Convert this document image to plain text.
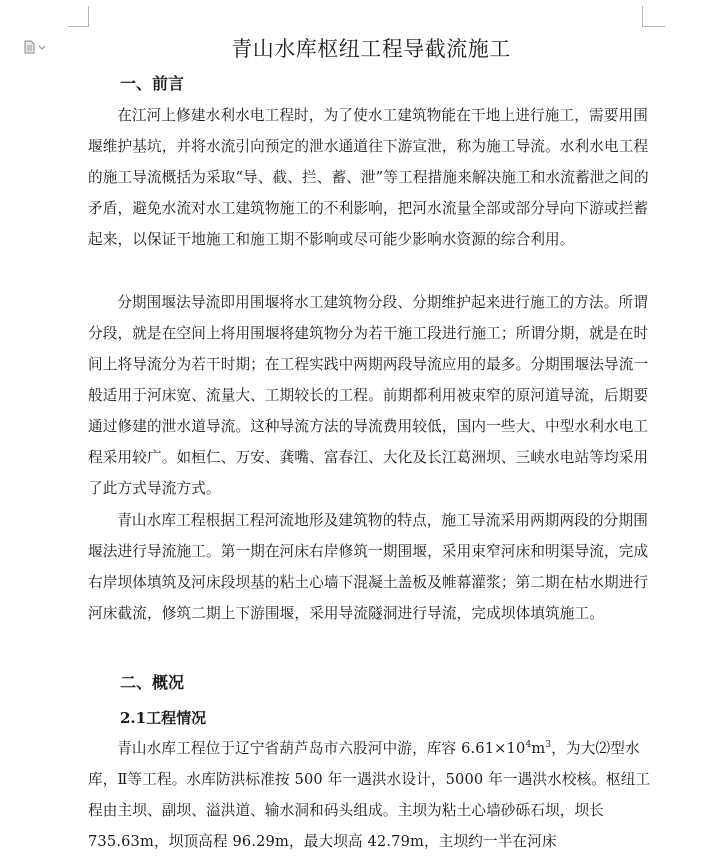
青山水库枢纽工程导截流施工
一、前言

在江河上修建水利水电工程时，为了使水工建筑物能在干地上进行施工，需要用围堰维护基坑，并将水流引向预定的泄水通道往下游宣泄，称为施工导流。水利水电工程的施工导流概括为采取“导、截、拦、蓄、泄”等工程措施来解决施工和水流蓄泄之间的矛盾，避免水流对水工建筑物施工的不利影响，把河水流量全部或部分导向下游或拦蓄起来，以保证干地施工和施工期不影响或尽可能少影响水资源的综合利用。

分期围堰法导流即用围堰将水工建筑物分段、分期维护起来进行施工的方法。所谓分段，就是在空间上将用围堰将建筑物分为若干施工段进行施工；所谓分期，就是在时间上将导流分为若干时期；在工程实践中两期两段导流应用的最多。分期围堰法导流一般适用于河床宽、流量大、工期较长的工程。前期都利用被束窄的原河道导流，后期要通过修建的泄水道导流。这种导流方法的导流费用较低，国内一些大、中型水利水电工程采用较广。如桓仁、万安、龚嘴、富春江、大化及长江葛洲坝、三峡水电站等均采用了此方式导流方式。

青山水库工程根据工程河流地形及建筑物的特点，施工导流采用两期两段的分期围堰法进行导流施工。第一期在河床右岸修筑一期围堰，采用束窄河床和明渠导流，完成右岸坝体填筑及河床段坝基的粘土心墙下混凝土盖板及帷幕灌浆；第二期在枯水期进行河床截流，修筑二期上下游围堰，采用导流隧洞进行导流，完成坝体填筑施工。

二、概况
2.1工程情况

青山水库工程位于辽宁省葫芦岛市六股河中游，库容 $6.61\times 10^4m^3$，为大⑵型水库，Ⅱ等工程。水库防洪标准按 500 年一遇洪水设计，5000 年一遇洪水校核。枢纽工程由主坝、副坝、溢洪道、输水洞和码头组成。主坝为粘土心墙砂砾石坝，坝长 735.63m，坝顶高程 96.29m，最大坝高 42.79m，主坝约一半在河床
